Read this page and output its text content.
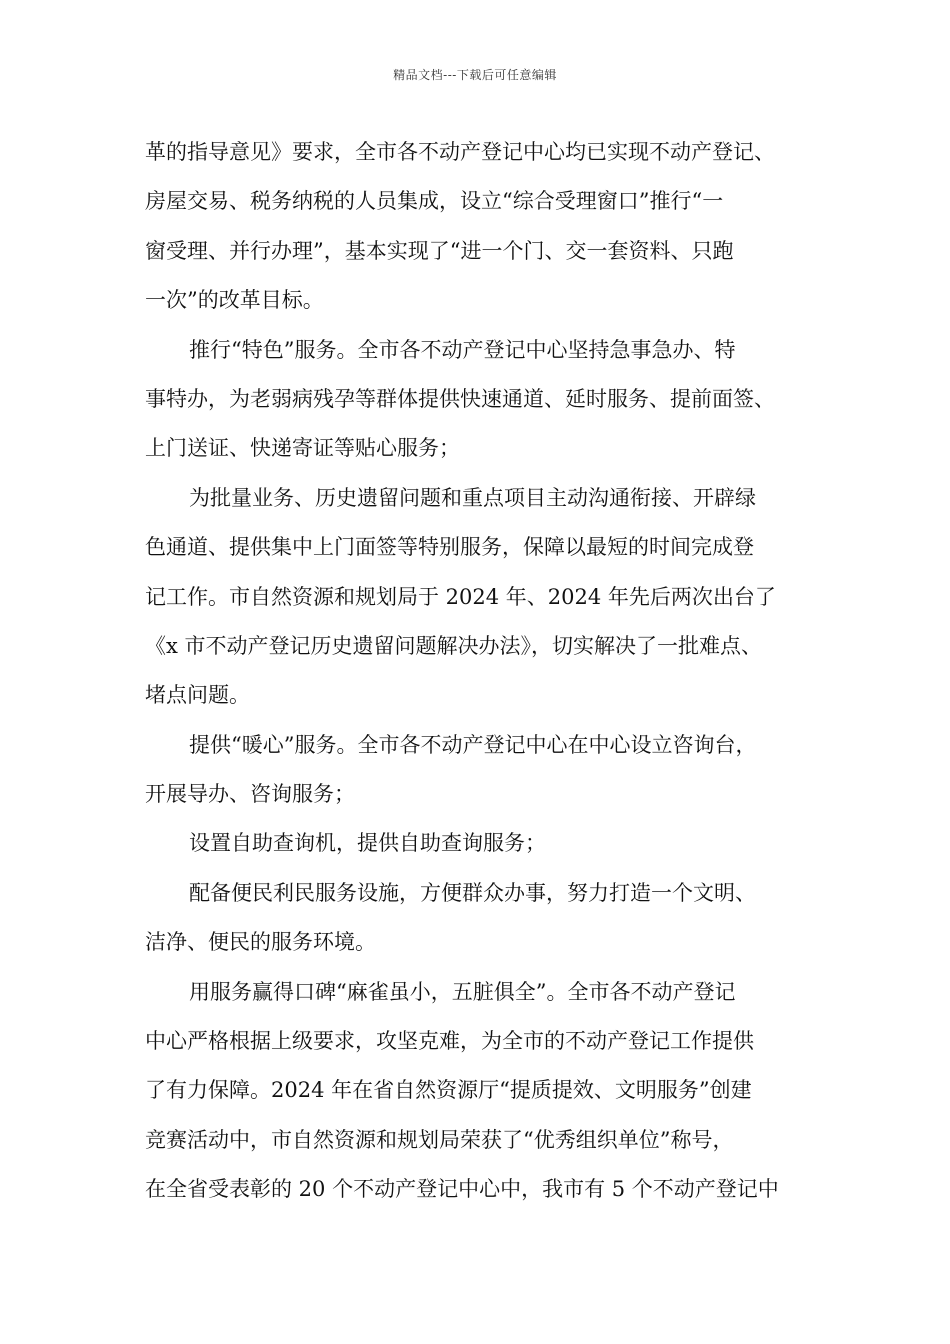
精品文档---下载后可任意编辑
革的指导意见》要求，全市各不动产登记中心均已实现不动产登记、
房屋交易、税务纳税的人员集成，设立“综合受理窗口”推行“一
窗受理、并行办理”，基本实现了“进一个门、交一套资料、只跑
一次”的改革目标。
推行“特色”服务。全市各不动产登记中心坚持急事急办、特
事特办，为老弱病残孕等群体提供快速通道、延时服务、提前面签、
上门送证、快递寄证等贴心服务；
为批量业务、历史遗留问题和重点项目主动沟通衔接、开辟绿
色通道、提供集中上门面签等特别服务，保障以最短的时间完成登
记工作。市自然资源和规划局于 2024 年、2024 年先后两次出台了
《x 市不动产登记历史遗留问题解决办法》，切实解决了一批难点、
堵点问题。
提供“暖心”服务。全市各不动产登记中心在中心设立咨询台，
开展导办、咨询服务；
设置自助查询机，提供自助查询服务；
配备便民利民服务设施，方便群众办事，努力打造一个文明、
洁净、便民的服务环境。
用服务赢得口碑“麻雀虽小，五脏俱全”。全市各不动产登记
中心严格根据上级要求，攻坚克难，为全市的不动产登记工作提供
了有力保障。2024 年在省自然资源厅“提质提效、文明服务”创建
竞赛活动中，市自然资源和规划局荣获了“优秀组织单位”称号，
在全省受表彰的 20 个不动产登记中心中，我市有 5 个不动产登记中
